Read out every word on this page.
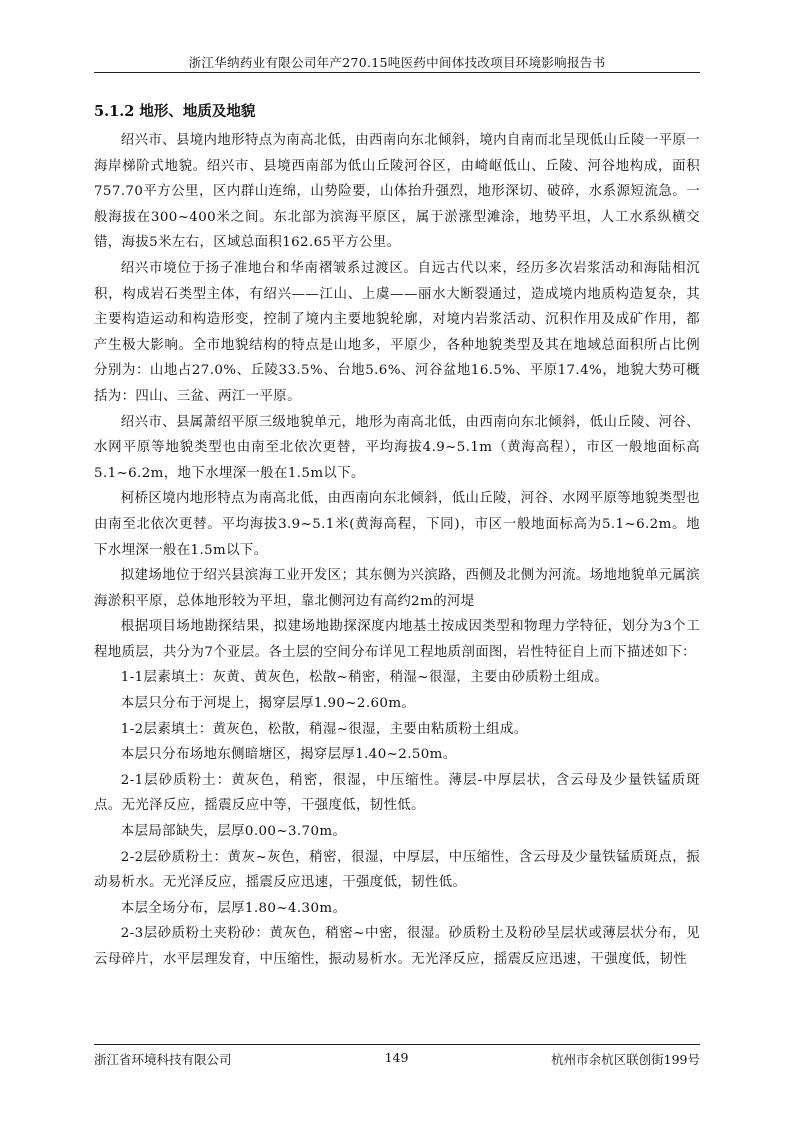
浙江华纳药业有限公司年产270.15吨医药中间体技改项目环境影响报告书
5.1.2 地形、地质及地貌

绍兴市、县境内地形特点为南高北低，由西南向东北倾斜，境内自南而北呈现低山丘陵一平原一海岸梯阶式地貌。绍兴市、县境西南部为低山丘陵河谷区，由崎岖低山、丘陵、河谷地构成，面积757.70平方公里，区内群山连绵，山势险要，山体抬升强烈，地形深切、破碎，水系源短流急。一般海拔在300~400米之间。东北部为滨海平原区，属于淤涨型滩涂，地势平坦，人工水系纵横交错，海拔5米左右，区域总面积162.65平方公里。

绍兴市境位于扬子准地台和华南褶皱系过渡区。自远古代以来，经历多次岩浆活动和海陆相沉积，构成岩石类型主体，有绍兴——江山、上虞——丽水大断裂通过，造成境内地质构造复杂，其主要构造运动和构造形变，控制了境内主要地貌轮廓，对境内岩浆活动、沉积作用及成矿作用，都产生极大影响。全市地貌结构的特点是山地多，平原少，各种地貌类型及其在地域总面积所占比例分别为：山地占27.0%、丘陵33.5%、台地5.6%、河谷盆地16.5%、平原17.4%，地貌大势可概括为：四山、三盆、两江一平原。

绍兴市、县属萧绍平原三级地貌单元，地形为南高北低，由西南向东北倾斜，低山丘陵、河谷、水网平原等地貌类型也由南至北依次更替，平均海拔4.9~5.1m（黄海高程），市区一般地面标高5.1~6.2m，地下水埋深一般在1.5m以下。

柯桥区境内地形特点为南高北低，由西南向东北倾斜，低山丘陵，河谷、水网平原等地貌类型也由南至北依次更替。平均海拔3.9~5.1米(黄海高程，下同)，市区一般地面标高为5.1~6.2m。地下水埋深一般在1.5m以下。

拟建场地位于绍兴县滨海工业开发区；其东侧为兴滨路，西侧及北侧为河流。场地地貌单元属滨海淤积平原，总体地形较为平坦，靠北侧河边有高约2m的河堤

根据项目场地勘探结果，拟建场地勘探深度内地基土按成因类型和物理力学特征，划分为3个工程地质层，共分为7个亚层。各土层的空间分布详见工程地质剖面图，岩性特征自上而下描述如下：

1-1层素填土：灰黄、黄灰色，松散~稍密，稍湿~很湿，主要由砂质粉土组成。

本层只分布于河堤上，揭穿层厚1.90~2.60m。

1-2层素填土：黄灰色，松散，稍湿~很湿，主要由粘质粉土组成。

本层只分布场地东侧暗塘区，揭穿层厚1.40~2.50m。

2-1层砂质粉土：黄灰色，稍密，很湿，中压缩性。薄层-中厚层状，含云母及少量铁锰质斑点。无光泽反应，摇震反应中等，干强度低，韧性低。

本层局部缺失，层厚0.00~3.70m。

2-2层砂质粉土：黄灰~灰色，稍密，很湿，中厚层，中压缩性，含云母及少量铁锰质斑点，振动易析水。无光泽反应，摇震反应迅速，干强度低，韧性低。

本层全场分布，层厚1.80~4.30m。

2-3层砂质粉土夹粉砂：黄灰色，稍密~中密，很湿。砂质粉土及粉砂呈层状或薄层状分布，见云母碎片，水平层理发育，中压缩性，振动易析水。无光泽反应，摇震反应迅速，干强度低，韧性

浙江省环境科技有限公司	149	杭州市余杭区联创街199号
